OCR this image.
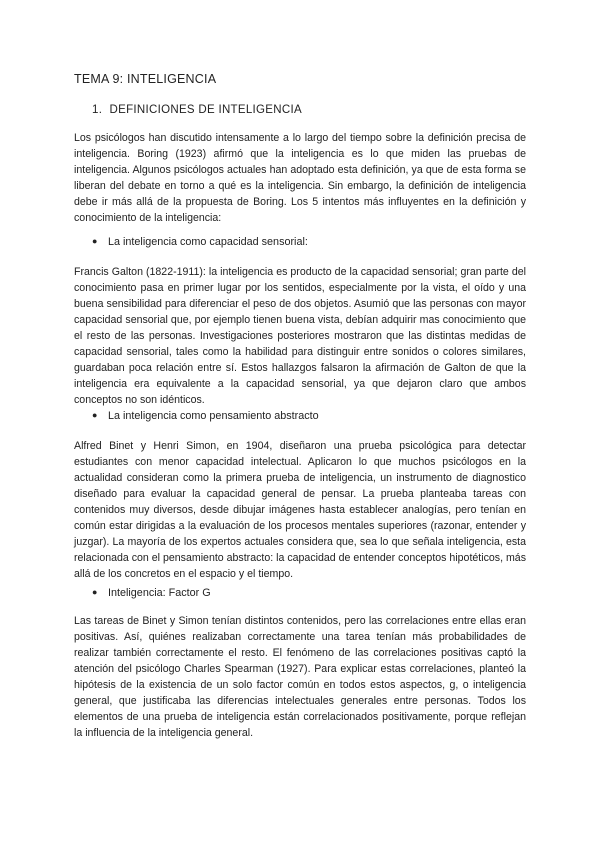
TEMA 9: INTELIGENCIA
1. DEFINICIONES DE INTELIGENCIA

Los psicólogos han discutido intensamente a lo largo del tiempo sobre la definición precisa de inteligencia. Boring (1923) afirmó que la inteligencia es lo que miden las pruebas de inteligencia. Algunos psicólogos actuales han adoptado esta definición, ya que de esta forma se liberan del debate en torno a qué es la inteligencia. Sin embargo, la definición de inteligencia debe ir más allá de la propuesta de Boring. Los 5 intentos más influyentes en la definición y conocimiento de la inteligencia:

● La inteligencia como capacidad sensorial:

Francis Galton (1822-1911): la inteligencia es producto de la capacidad sensorial; gran parte del conocimiento pasa en primer lugar por los sentidos, especialmente por la vista, el oído y una buena sensibilidad para diferenciar el peso de dos objetos. Asumió que las personas con mayor capacidad sensorial que, por ejemplo tienen buena vista, debían adquirir mas conocimiento que el resto de las personas. Investigaciones posteriores mostraron que las distintas medidas de capacidad sensorial, tales como la habilidad para distinguir entre sonidos o colores similares, guardaban poca relación entre sí. Estos hallazgos falsaron la afirmación de Galton de que la inteligencia era equivalente a la capacidad sensorial, ya que dejaron claro que ambos conceptos no son idénticos.

● La inteligencia como pensamiento abstracto

Alfred Binet y Henri Simon, en 1904, diseñaron una prueba psicológica para detectar estudiantes con menor capacidad intelectual. Aplicaron lo que muchos psicólogos en la actualidad consideran como la primera prueba de inteligencia, un instrumento de diagnostico diseñado para evaluar la capacidad general de pensar. La prueba planteaba tareas con contenidos muy diversos, desde dibujar imágenes hasta establecer analogías, pero tenían en común estar dirigidas a la evaluación de los procesos mentales superiores (razonar, entender y juzgar). La mayoría de los expertos actuales considera que, sea lo que señala inteligencia, esta relacionada con el pensamiento abstracto: la capacidad de entender conceptos hipotéticos, más allá de los concretos en el espacio y el tiempo.

● Inteligencia: Factor G

Las tareas de Binet y Simon tenían distintos contenidos, pero las correlaciones entre ellas eran positivas. Así, quiénes realizaban correctamente una tarea tenían más probabilidades de realizar también correctamente el resto. El fenómeno de las correlaciones positivas captó la atención del psicólogo Charles Spearman (1927). Para explicar estas correlaciones, planteó la hipótesis de la existencia de un solo factor común en todos estos aspectos, g, o inteligencia general, que justificaba las diferencias intelectuales generales entre personas. Todos los elementos de una prueba de inteligencia están correlacionados positivamente, porque reflejan la influencia de la inteligencia general.
